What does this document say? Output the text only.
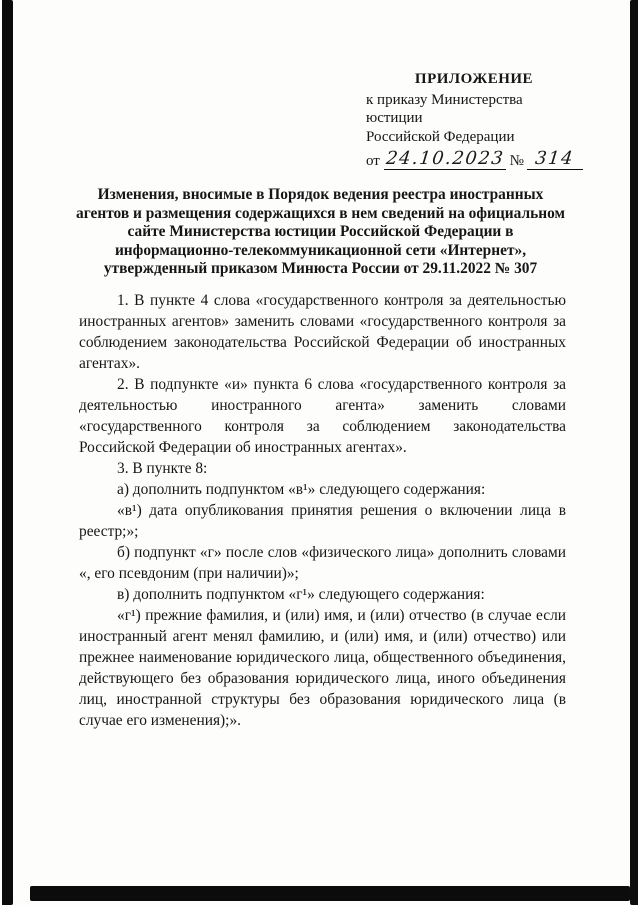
ПРИЛОЖЕНИЕ
к приказу Министерства юстиции
Российской Федерации
от 24.10.2023 № 314
Изменения, вносимые в Порядок ведения реестра иностранных агентов и размещения содержащихся в нем сведений на официальном сайте Министерства юстиции Российской Федерации в информационно-телекоммуникационной сети «Интернет», утвержденный приказом Минюста России от 29.11.2022 № 307

1. В пункте 4 слова «государственного контроля за деятельностью иностранных агентов» заменить словами «государственного контроля за соблюдением законодательства Российской Федерации об иностранных агентах».

2. В подпункте «и» пункта 6 слова «государственного контроля за деятельностью иностранного агента» заменить словами «государственного контроля за соблюдением законодательства Российской Федерации об иностранных агентах».

3. В пункте 8:

а) дополнить подпунктом «в¹» следующего содержания:

«в¹) дата опубликования принятия решения о включении лица в реестр;»;

б) подпункт «г» после слов «физического лица» дополнить словами «, его псевдоним (при наличии)»;

в) дополнить подпунктом «г¹» следующего содержания:

«г¹) прежние фамилия, и (или) имя, и (или) отчество (в случае если иностранный агент менял фамилию, и (или) имя, и (или) отчество) или прежнее наименование юридического лица, общественного объединения, действующего без образования юридического лица, иного объединения лиц, иностранной структуры без образования юридического лица (в случае его изменения);».
